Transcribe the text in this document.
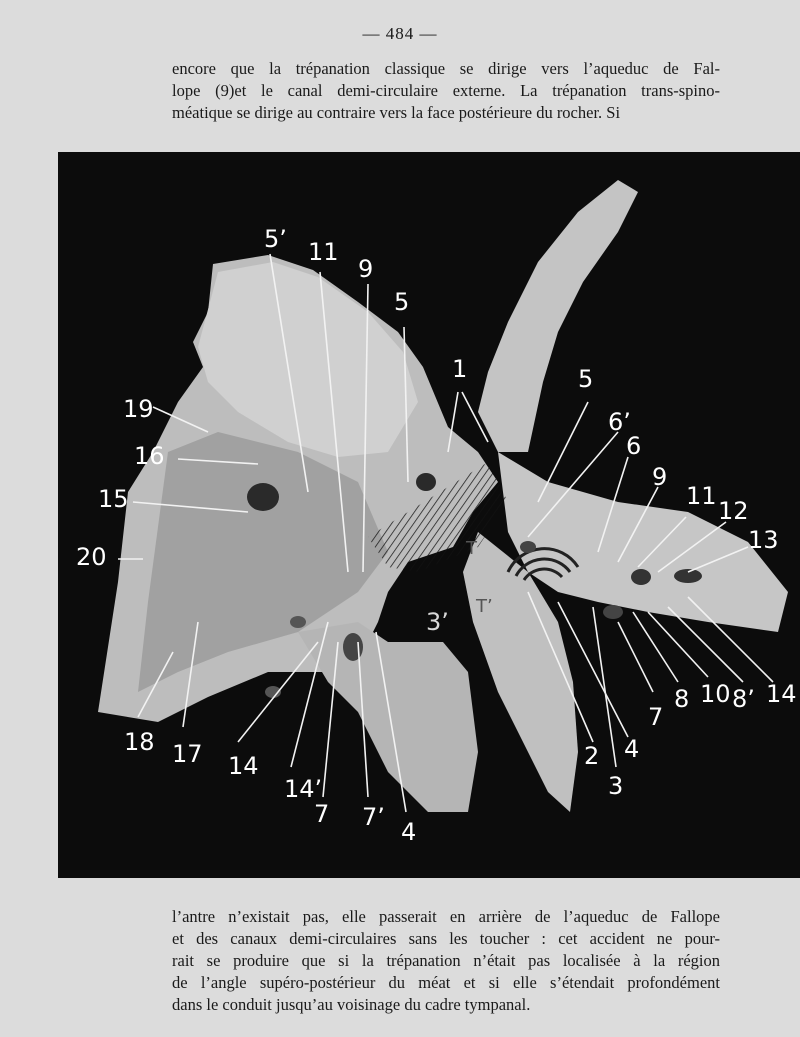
— 484 —

encore que la trépanation classique se dirige vers l’aqueduc de Fal-
lope (9)et le canal demi-circulaire externe. La trépanation trans-spino-
méatique se dirige au contraire vers la face postérieure du rocher. Si

19
16
15
20
5’ 11
9
5
1	5
6’
6
9
11
12
13
3’
T
T’
18 17 14
14’
7 7’
4
2 4
3
7
8 10 8’ 14

l’antre n’existait pas, elle passerait en arrière de l’aqueduc de Fallope
et des canaux demi-circulaires sans les toucher : cet accident ne pour-
rait se produire que si la trépanation n’était pas localisée à la région
de l’angle supéro-postérieur du méat et si elle s’étendait profondément
dans le conduit jusqu’au voisinage du cadre tympanal.
